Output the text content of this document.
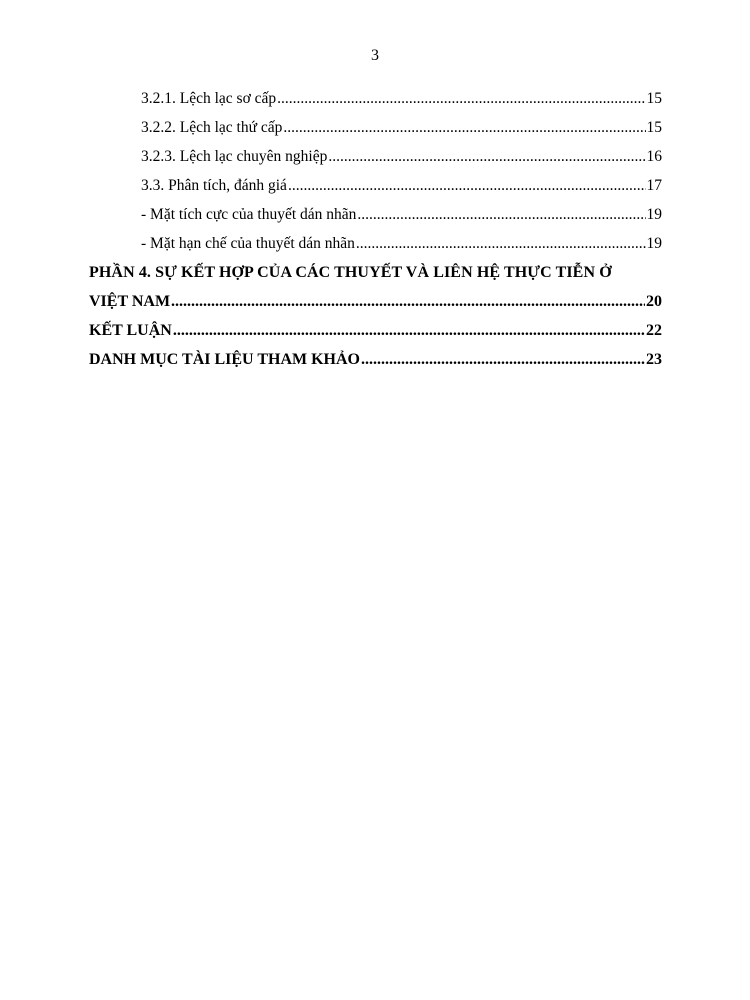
3
3.2.1. Lệch lạc sơ cấp .....	15
3.2.2. Lệch lạc thứ cấp .....	15
3.2.3. Lệch lạc chuyên nghiệp .....	16
3.3. Phân tích, đánh giá .....	17
- Mặt tích cực của thuyết dán nhãn .....	19
- Mặt hạn chế của thuyết dán nhãn .....	19
PHẦN 4. SỰ KẾT HỢP CỦA CÁC THUYẾT VÀ LIÊN HỆ THỰC TIỄN Ở
VIỆT NAM .....	20
KẾT LUẬN .....	22
DANH MỤC TÀI LIỆU THAM KHẢO .....	23
